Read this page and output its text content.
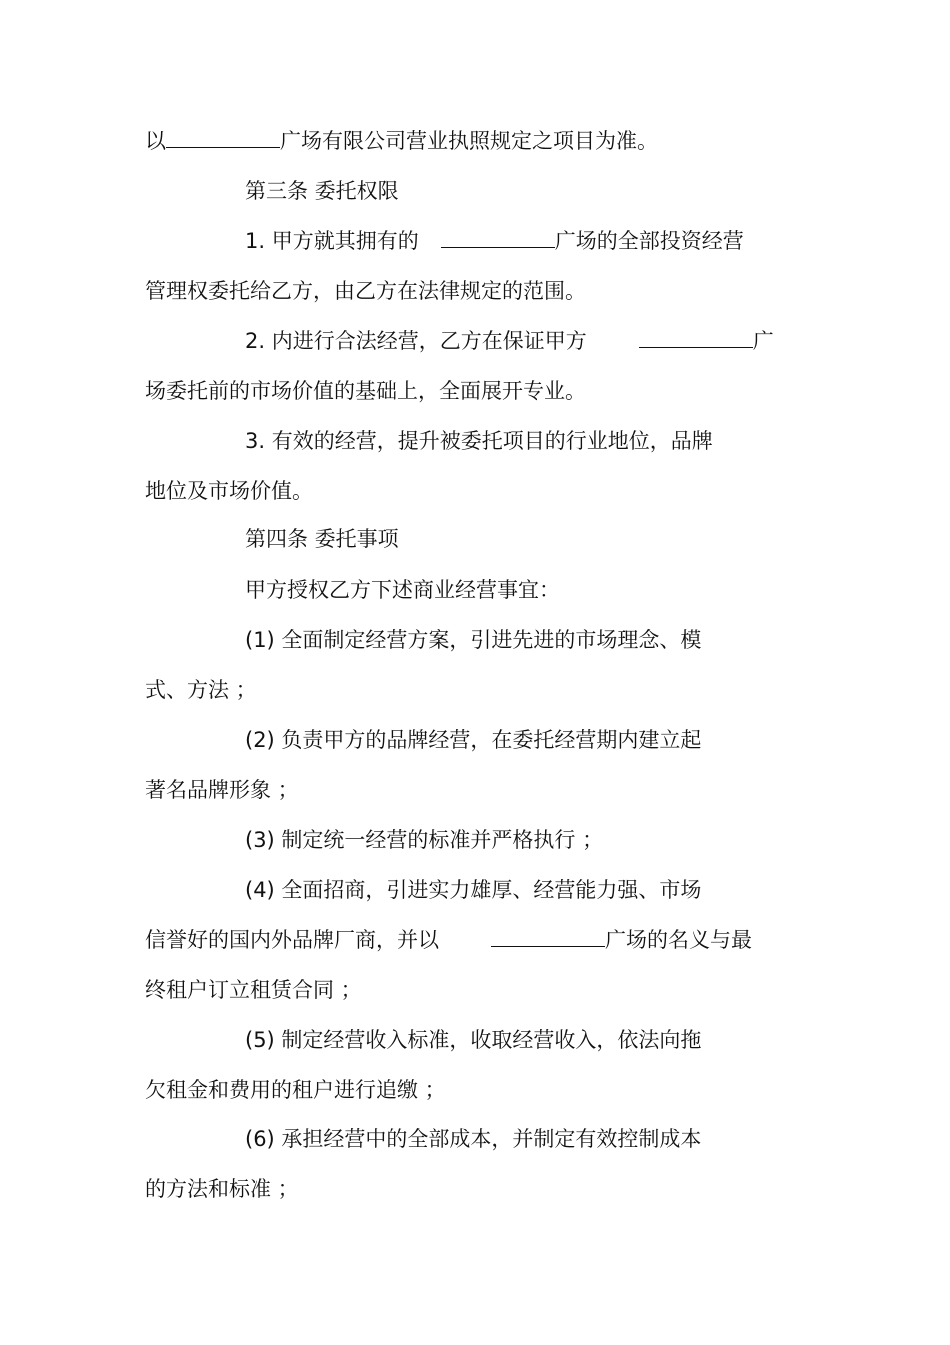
以	广场有限公司营业执照规定之项目为准。
第三条 委托权限
1. 甲方就其拥有的	广场的全部投资经营
管理权委托给乙方，由乙方在法律规定的范围。
2. 内进行合法经营，乙方在保证甲方	广
场委托前的市场价值的基础上，全面展开专业。
3. 有效的经营，提升被委托项目的行业地位，品牌
地位及市场价值。
第四条 委托事项
甲方授权乙方下述商业经营事宜：
(1) 全面制定经营方案，引进先进的市场理念、模
式、方法 ；
(2) 负责甲方的品牌经营，在委托经营期内建立起
著名品牌形象 ；
(3) 制定统一经营的标准并严格执行 ；
(4) 全面招商，引进实力雄厚、经营能力强、市场
信誉好的国内外品牌厂商，并以	广场的名义与最
终租户订立租赁合同 ；
(5) 制定经营收入标准，收取经营收入，依法向拖
欠租金和费用的租户进行追缴 ；
(6) 承担经营中的全部成本，并制定有效控制成本
的方法和标准 ；
